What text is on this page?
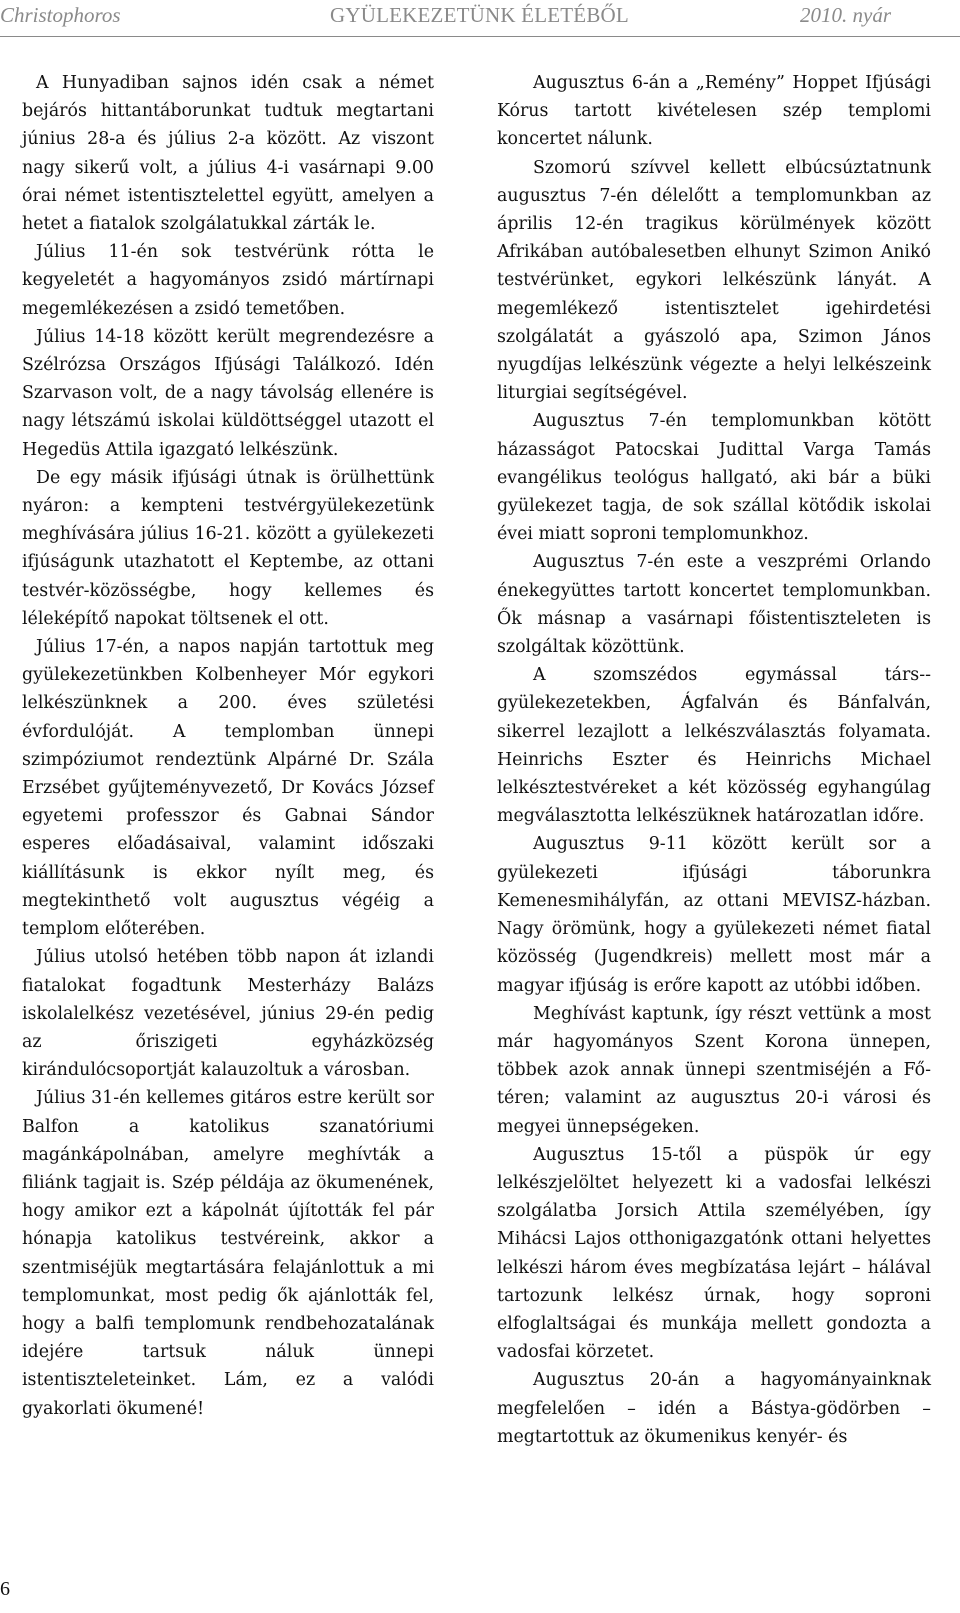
Christophoros	GYÜLEKEZETÜNK ÉLETÉBŐL	2010. nyár

A Hunyadiban sajnos idén csak a német bejárós hittantáborunkat tudtuk megtartani június 28-a és július 2-a között. Az viszont nagy sikerű volt, a július 4-i vasárnapi 9.00 órai német istentisztelettel együtt, amelyen a hetet a fiatalok szolgálatukkal zárták le.

Július 11-én sok testvérünk rótta le kegyeletét a hagyományos zsidó mártírnapi megemlékezésen a zsidó temetőben.

Július 14-18 között került megrendezésre a Szélrózsa Országos Ifjúsági Találkozó. Idén Szarvason volt, de a nagy távolság ellenére is nagy létszámú iskolai küldöttséggel utazott el Hegedüs Attila igazgató lelkészünk.

De egy másik ifjúsági útnak is örülhettünk nyáron: a kempteni testvérgyülekezetünk meghívására július 16-21. között a gyülekezeti ifjúságunk utazhatott el Keptembe, az ottani testvér-közösségbe, hogy kellemes és léleképítő napokat töltsenek el ott.

Július 17-én, a napos napján tartottuk meg gyülekezetünkben Kolbenheyer Mór egykori lelkészünknek a 200. éves születési évfordulóját. A templomban ünnepi szimpóziumot rendeztünk Alpárné Dr. Szála Erzsébet gyűjteményvezető, Dr Kovács József egyetemi professzor és Gabnai Sándor esperes előadásaival, valamint időszaki kiállításunk is ekkor nyílt meg, és megtekinthető volt augusztus végéig a templom előterében.

Július utolsó hetében több napon át izlandi fiatalokat fogadtunk Mesterházy Balázs iskolalelkész vezetésével, június 29-én pedig az őriszigeti egyházközség kirándulócsoportját kalauzoltuk a városban.

Július 31-én kellemes gitáros estre került sor Balfon a katolikus szanatóriumi magánkápolnában, amelyre meghívták a filiánk tagjait is. Szép példája az ökumenének, hogy amikor ezt a kápolnát újították fel pár hónapja katolikus testvéreink, akkor a szentmiséjük megtartására felajánlottuk a mi templomunkat, most pedig ők ajánlották fel, hogy a balfi templomunk rendbehozatalának idejére tartsuk náluk ünnepi istentiszteleteinket. Lám, ez a valódi gyakorlati ökumené!

Augusztus 6-án a „Remény” Hoppet Ifjúsági Kórus tartott kivételesen szép templomi koncertet nálunk.

Szomorú szívvel kellett elbúcsúztatnunk augusztus 7-én délelőtt a templomunkban az április 12-én tragikus körülmények között Afrikában autóbalesetben elhunyt Szimon Anikó testvérünket, egykori lelkészünk lányát. A megemlékező istentisztelet igehirdetési szolgálatát a gyászoló apa, Szimon János nyugdíjas lelkészünk végezte a helyi lelkészeink liturgiai segítségével.

Augusztus 7-én templomunkban kötött házasságot Patocskai Judittal Varga Tamás evangélikus teológus hallgató, aki bár a büki gyülekezet tagja, de sok szállal kötődik iskolai évei miatt soproni templomunkhoz.

Augusztus 7-én este a veszprémi Orlando énekegyüttes tartott koncertet templomunkban. Ők másnap a vasárnapi főistentiszteleten is szolgáltak közöttünk.

A szomszédos egymással társ--gyülekezetekben, Ágfalván és Bánfalván, sikerrel lezajlott a lelkészválasztás folyamata. Heinrichs Eszter és Heinrichs Michael lelkésztestvéreket a két közösség egyhangúlag megválasztotta lelkészüknek határozatlan időre.

Augusztus 9-11 között került sor a gyülekezeti ifjúsági táborunkra Kemenesmihályfán, az ottani MEVISZ-házban. Nagy örömünk, hogy a gyülekezeti német fiatal közösség (Jugendkreis) mellett most már a magyar ifjúság is erőre kapott az utóbbi időben.

Meghívást kaptunk, így részt vettünk a most már hagyományos Szent Korona ünnepen, többek azok annak ünnepi szentmiséjén a Fő-téren; valamint az augusztus 20-i városi és megyei ünnepségeken.

Augusztus 15-től a püspök úr egy lelkészjelöltet helyezett ki a vadosfai lelkészi szolgálatba Jorsich Attila személyében, így Mihácsi Lajos otthonigazgatónk ottani helyettes lelkészi három éves megbízatása lejárt – hálával tartozunk lelkész úrnak, hogy soproni elfoglaltságai és munkája mellett gondozta a vadosfai körzetet.

Augusztus 20-án a hagyományainknak megfelelően – idén a Bástya-gödörben – megtartottuk az ökumenikus kenyér- és

6
